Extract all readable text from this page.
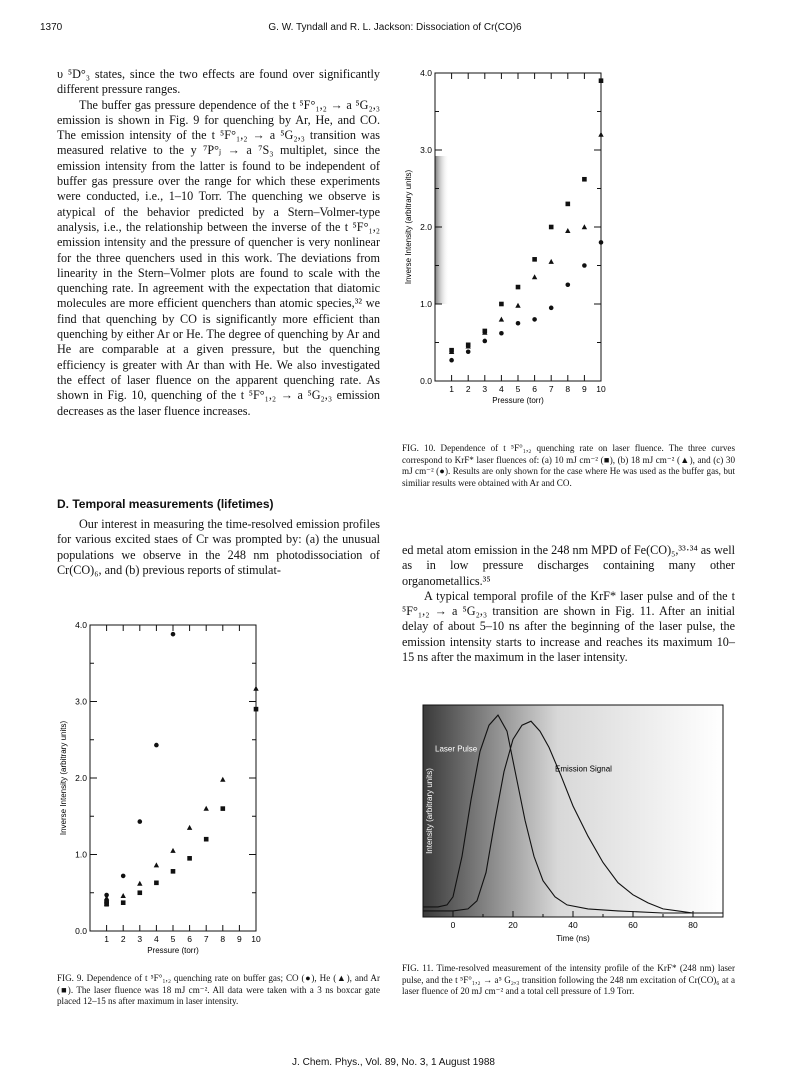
1370	G. W. Tyndall and R. L. Jackson: Dissociation of Cr(CO)6

υ ⁵D°₃ states, since the two effects are found over significantly different pressure ranges.

The buffer gas pressure dependence of the t ⁵F°₁,₂ → a ⁵G₂,₃ emission is shown in Fig. 9 for quenching by Ar, He, and CO. The emission intensity of the t ⁵F°₁,₂ → a ⁵G₂,₃ transition was measured relative to the y ⁷P°ⱼ → a ⁷S₃ multiplet, since the emission intensity from the latter is found to be independent of buffer gas pressure over the range for which these experiments were conducted, i.e., 1–10 Torr. The quenching we observe is atypical of the behavior predicted by a Stern–Volmer-type analysis, i.e., the relationship between the inverse of the t ⁵F°₁,₂ emission intensity and the pressure of quencher is very nonlinear for the three quenchers used in this work. The deviations from linearity in the Stern–Volmer plots are found to scale with the quenching rate. In agreement with the expectation that diatomic molecules are more efficient quenchers than atomic species,³² we find that quenching by CO is significantly more efficient than quenching by either Ar or He. The degree of quenching by Ar and He are comparable at a given pressure, but the quenching efficiency is greater with Ar than with He. We also investigated the effect of laser fluence on the apparent quenching rate. As shown in Fig. 10, quenching of the t ⁵F°₁,₂ → a ⁵G₂,₃ emission decreases as the laser fluence increases.

D. Temporal measurements (lifetimes)

Our interest in measuring the time-resolved emission profiles for various excited staes of Cr was prompted by: (a) the unusual populations we observe in the 248 nm photodissociation of Cr(CO)₆, and (b) previous reports of stimulat-

ed metal atom emission in the 248 nm MPD of Fe(CO)₅,³³·³⁴ as well as in low pressure discharges containing many other organometallics.³⁵

A typical temporal profile of the KrF* laser pulse and of the t ⁵F°₁,₂ → a ⁵G₂,₃ transition are shown in Fig. 11. After an initial delay of about 5–10 ns after the beginning of the laser pulse, the emission intensity starts to increase and reaches its maximum 10–15 ns after the maximum in the laser intensity.

1 2 3 4 5 6 7 8 9 10
0.0
1.0
2.0
3.0
4.0
Pressure (torr)
Inverse Intensity (arbitrary units)
FIG. 10. Dependence of t ⁵F°₁,₂ quenching rate on laser fluence. The three curves correspond to KrF* laser fluences of: (a) 10 mJ cm⁻² (■), (b) 18 mJ cm⁻² (▲), and (c) 30 mJ cm⁻² (●). Results are only shown for the case where He was used as the buffer gas, but similiar results were obtained with Ar and CO.
1 2 3 4 5 6 7 8 9 10
0.0
1.0
2.0
3.0
4.0
Pressure (torr)
Inverse Intensity (arbitrary units)
FIG. 9. Dependence of t ⁵F°₁,₂ quenching rate on buffer gas; CO (●), He (▲), and Ar (■). The laser fluence was 18 mJ cm⁻². All data were taken with a 3 ns boxcar gate placed 12–15 ns after maximum in laser intensity.
0	20	40	60	80
Time (ns)
Intensity (arbitrary units)
Laser Pulse
Emission Signal
FIG. 11. Time-resolved measurement of the intensity profile of the KrF* (248 nm) laser pulse, and the t ⁵F°₁,₂ → a⁵ G₂,₃ transition following the 248 nm excitation of Cr(CO)₆ at a laser fluence of 20 mJ cm⁻² and a total cell pressure of 1.9 Torr.
J. Chem. Phys., Vol. 89, No. 3, 1 August 1988
